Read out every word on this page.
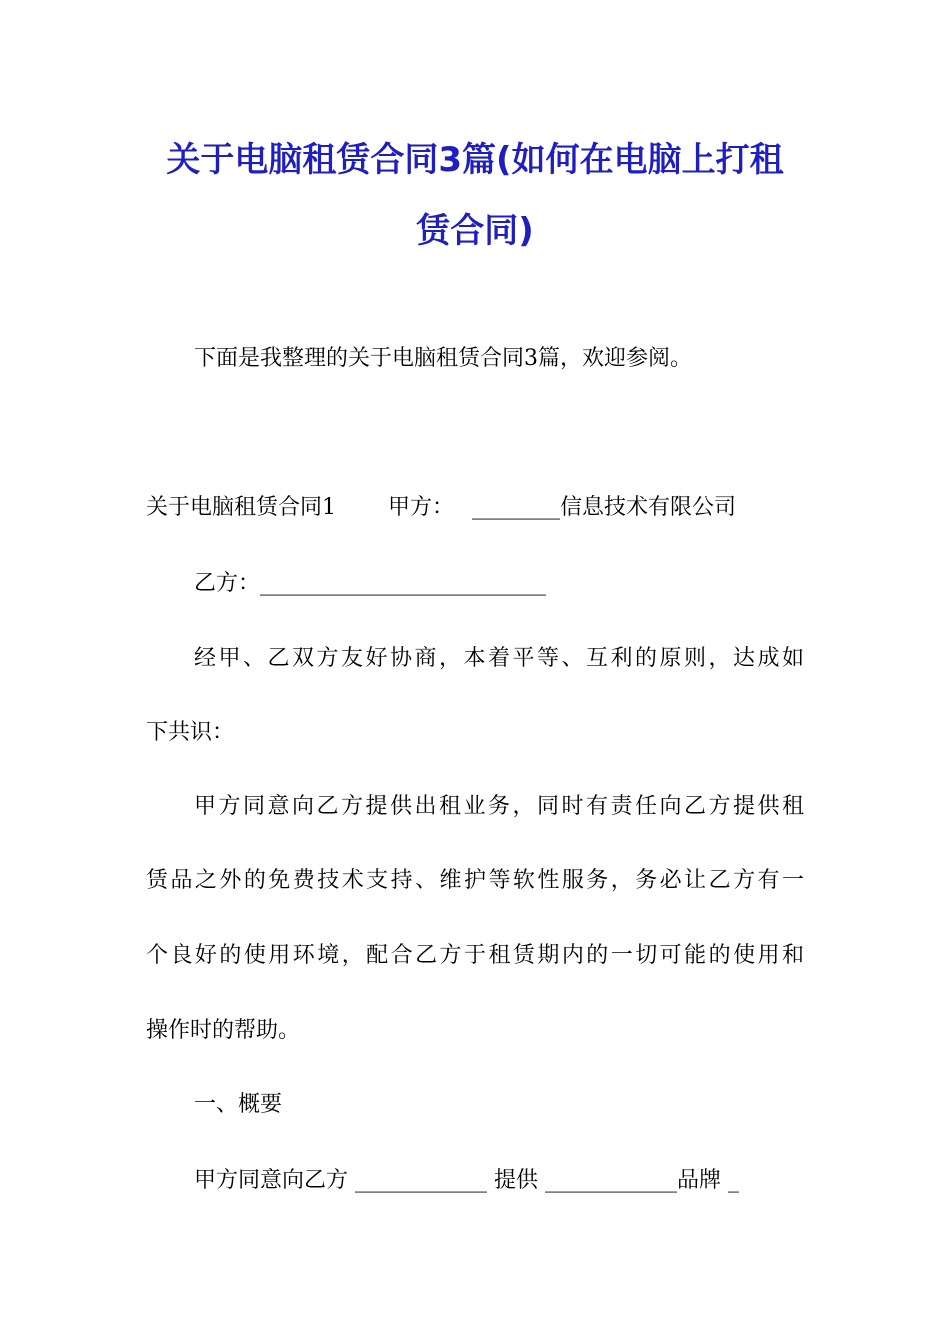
关于电脑租赁合同3篇(如何在电脑上打租
赁合同)

下面是我整理的关于电脑租赁合同3篇，欢迎参阅。

关于电脑租赁合同1 甲方： ________信息技术有限公司

乙方：__________________________

经甲、乙双方友好协商，本着平等、互利的原则，达成如

下共识：

甲方同意向乙方提供出租业务，同时有责任向乙方提供租

赁品之外的免费技术支持、维护等软性服务，务必让乙方有一

个良好的使用环境，配合乙方于租赁期内的一切可能的使用和

操作时的帮助。

一、概要

甲方同意向乙方 ____________ 提供 ____________品牌 _
